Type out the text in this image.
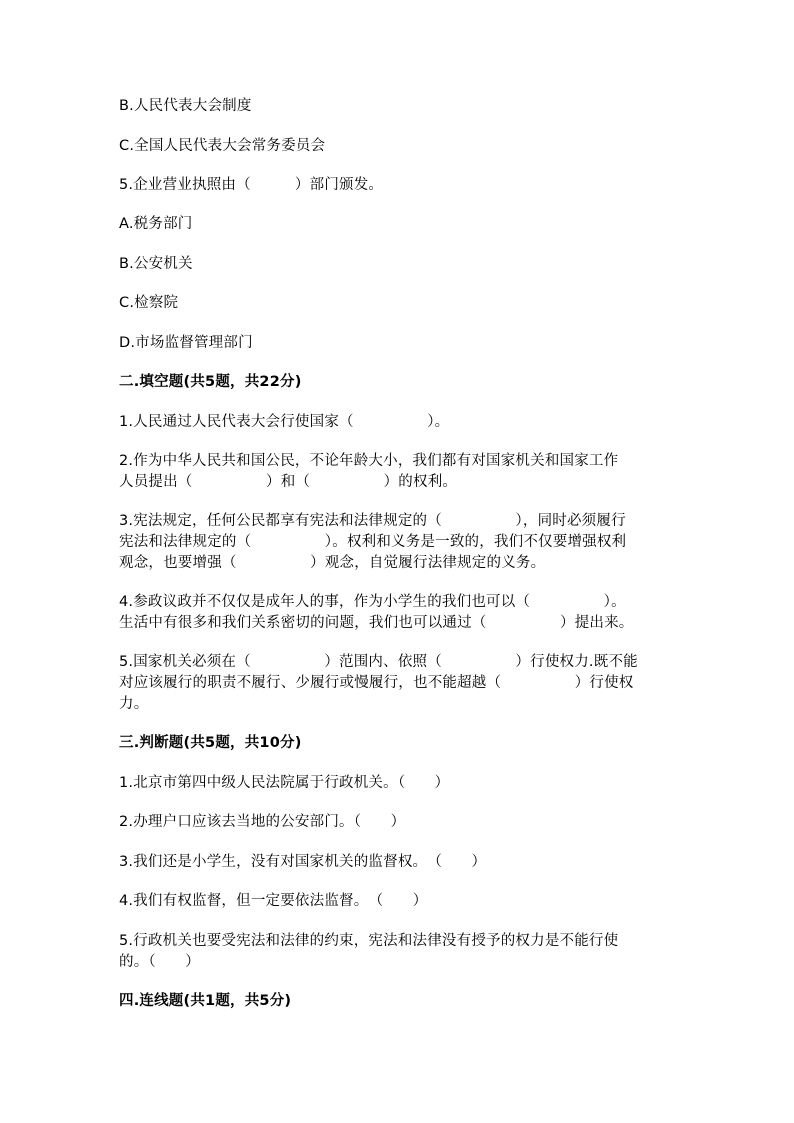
B.人民代表大会制度
C.全国人民代表大会常务委员会
5.企业营业执照由（　　　）部门颁发。
A.税务部门
B.公安机关
C.检察院
D.市场监督管理部门
二.填空题(共5题，共22分)
1.人民通过人民代表大会行使国家（　　　　　）。
2.作为中华人民共和国公民，不论年龄大小，我们都有对国家机关和国家工作
人员提出（　　　　　）和（　　　　　）的权利。
3.宪法规定，任何公民都享有宪法和法律规定的（　　　　　），同时必须履行
宪法和法律规定的（　　　　　）。权利和义务是一致的，我们不仅要增强权利
观念，也要增强（　　　　　）观念，自觉履行法律规定的义务。
4.参政议政并不仅仅是成年人的事，作为小学生的我们也可以（　　　　　）。
生活中有很多和我们关系密切的问题，我们也可以通过（　　　　　）提出来。
5.国家机关必须在（　　　　　）范围内、依照（　　　　　）行使权力.既不能
对应该履行的职责不履行、少履行或慢履行，也不能超越（　　　　　）行使权
力。
三.判断题(共5题，共10分)
1.北京市第四中级人民法院属于行政机关。（　　）
2.办理户口应该去当地的公安部门。（　　）
3.我们还是小学生，没有对国家机关的监督权。　（　　）
4.我们有权监督，但一定要依法监督。　（　　）
5.行政机关也要受宪法和法律的约束，宪法和法律没有授予的权力是不能行使
的。（　　）
四.连线题(共1题，共5分)
